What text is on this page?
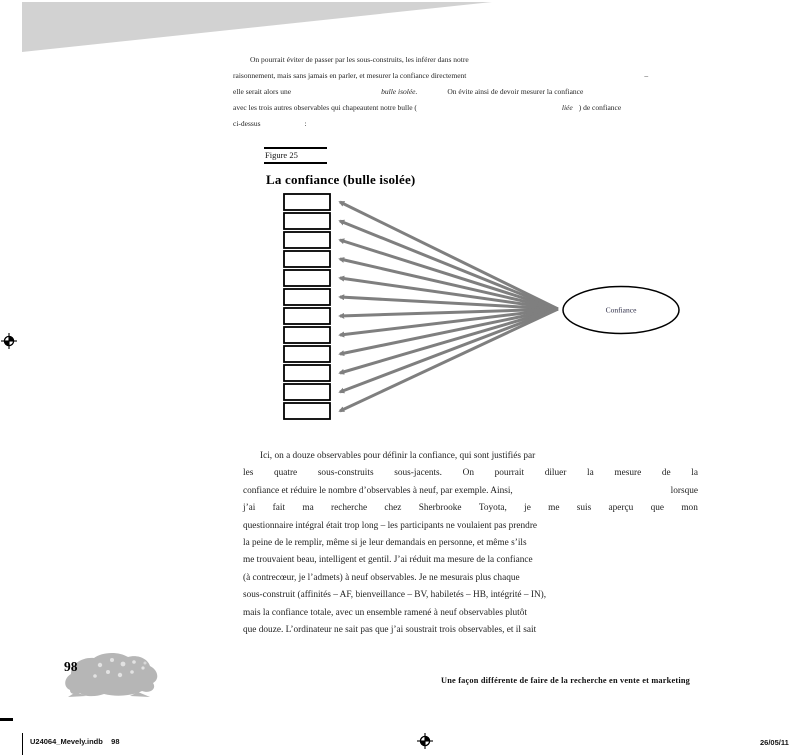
On pourrait éviter de passer par les sous-construits, les inférer dans notre
raisonnement, mais sans jamais en parler, et mesurer la confiance directement	–
elle serait alors une	bulle isolée.	On évite ainsi de devoir mesurer la confiance
avec les trois autres observables qui chapeautent notre bulle (	liée ) de confiance
ci-dessus	:
Figure 25
La confiance (bulle isolée)
Confiance
Ici, on a douze observables pour définir la confiance, qui sont justifiés par
les quatre sous-construits sous-jacents. On pourrait diluer la mesure de la
confiance et réduire le nombre d’observables à neuf, par exemple. Ainsi,	lorsque
j’ai fait ma recherche chez Sherbrooke Toyota, je me suis aperçu que mon
questionnaire intégral était trop long – les participants ne voulaient pas prendre
la peine de le remplir, même si je leur demandais en personne, et même s’ils
me trouvaient beau, intelligent et gentil. J’ai réduit ma mesure de la confiance
(à contrecœur, je l’admets) à neuf observables. Je ne mesurais plus chaque
sous-construit (affinités – AF, bienveillance – BV, habiletés – HB, intégrité – IN),
mais la confiance totale, avec un ensemble ramené à neuf observables plutôt
que douze. L’ordinateur ne sait pas que j’ai soustrait trois observables, et il sait
98
Une façon différente de faire de la recherche en vente et marketing
U24064_Mevely.indb    98	26/05/11
